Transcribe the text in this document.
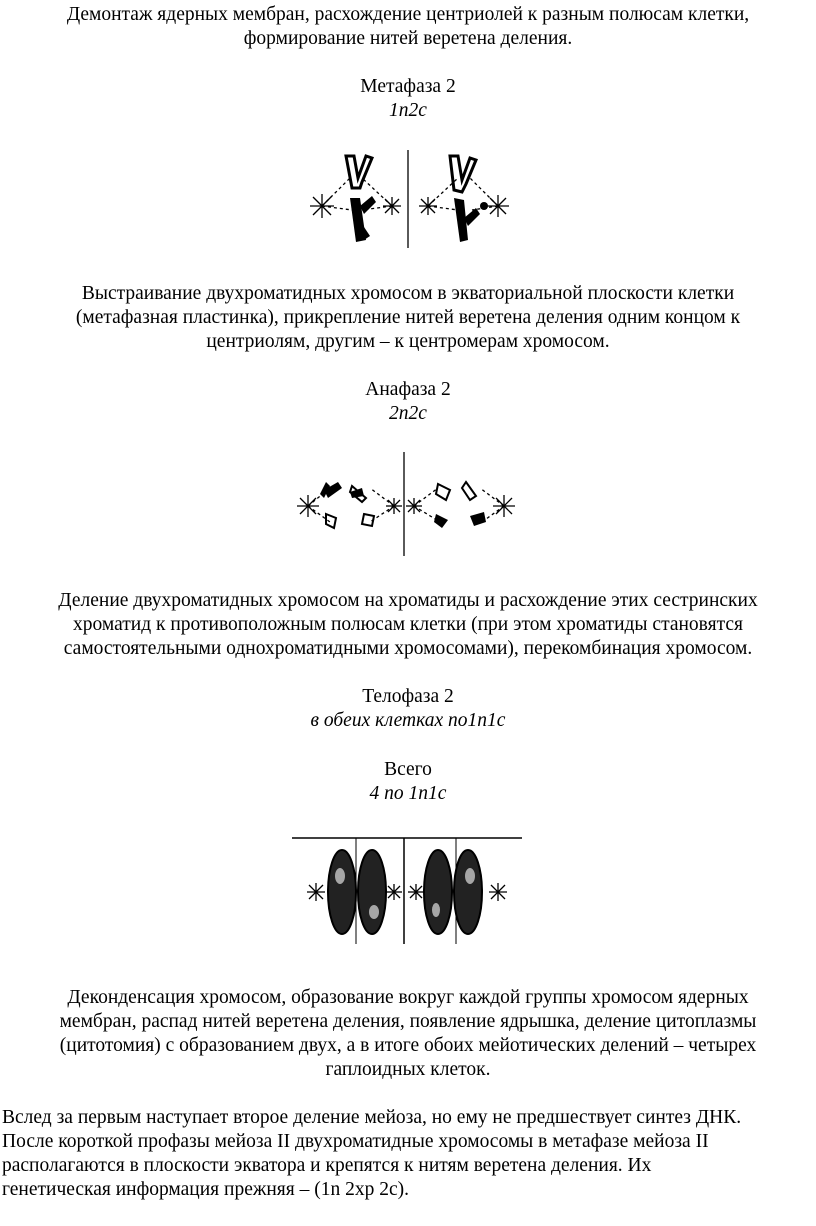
Демонтаж ядерных мембран, расхождение центриолей к разным полюсам клетки,
формирование нитей веретена деления.
Метафаза 2
1n2c
Выстраивание двухроматидных хромосом в экваториальной плоскости клетки
(метафазная пластинка), прикрепление нитей веретена деления одним концом к
центриолям, другим – к центромерам хромосом.
Анафаза 2
2n2c
Деление двухроматидных хромосом на хроматиды и расхождение этих сестринских
хроматид к противоположным полюсам клетки (при этом хроматиды становятся
самостоятельными однохроматидными хромосомами), перекомбинация хромосом.
Телофаза 2
в обеих клетках по1n1c
Всего
4 по 1n1c
Деконденсация хромосом, образование вокруг каждой группы хромосом ядерных
мембран, распад нитей веретена деления, появление ядрышка, деление цитоплазмы
(цитотомия) с образованием двух, а в итоге обоих мейотических делений – четырех
гаплоидных клеток.
Вслед за первым наступает второе деление мейоза, но ему не предшествует синтез ДНК.
После короткой профазы мейоза II двухроматидные хромосомы в метафазе мейоза II
располагаются в плоскости экватора и крепятся к нитям веретена деления. Их
генетическая информация прежняя – (1n 2хр 2с).
